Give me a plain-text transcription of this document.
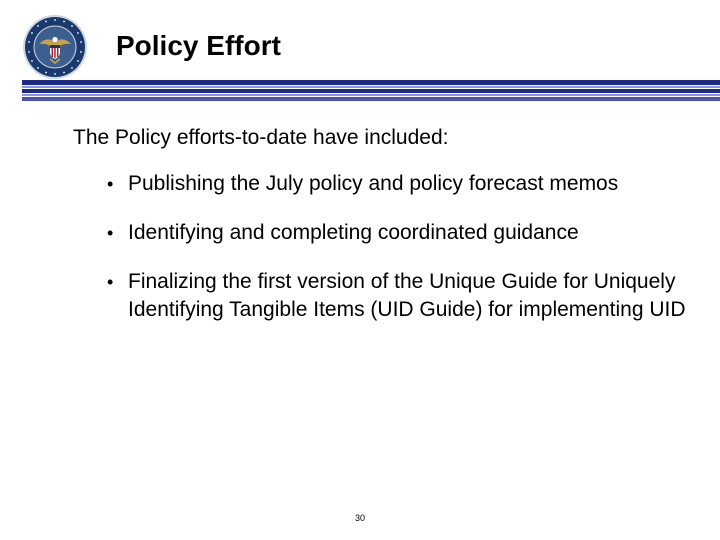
Policy Effort
The Policy efforts-to-date have included:
• Publishing the July policy and policy forecast memos
• Identifying and completing coordinated guidance
• Finalizing the first version of the Unique Guide for Uniquely Identifying Tangible Items (UID Guide) for implementing UID
30
